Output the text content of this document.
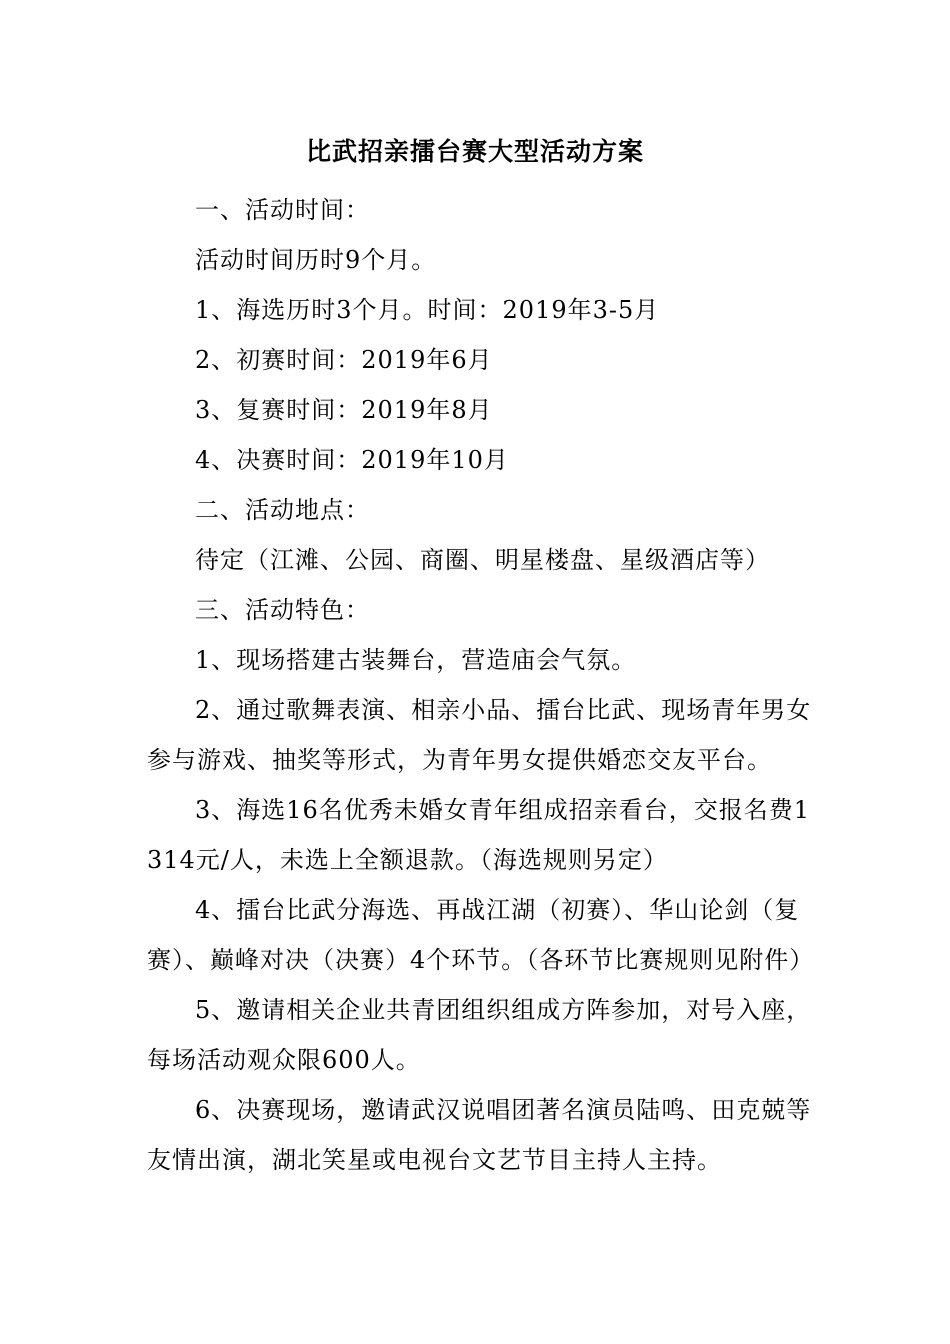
比武招亲擂台赛大型活动方案

一、活动时间：

活动时间历时9个月。

1、海选历时3个月。时间：2019年3-5月

2、初赛时间：2019年6月

3、复赛时间：2019年8月

4、决赛时间：2019年10月

二、活动地点：

待定（江滩、公园、商圈、明星楼盘、星级酒店等）

三、活动特色：

1、现场搭建古装舞台，营造庙会气氛。

2、通过歌舞表演、相亲小品、擂台比武、现场青年男女参与游戏、抽奖等形式，为青年男女提供婚恋交友平台。

3、海选16名优秀未婚女青年组成招亲看台，交报名费1314元/人，未选上全额退款。（海选规则另定）

4、擂台比武分海选、再战江湖（初赛）、华山论剑（复赛）、巅峰对决（决赛）4个环节。（各环节比赛规则见附件）

5、邀请相关企业共青团组织组成方阵参加，对号入座，每场活动观众限600人。

6、决赛现场，邀请武汉说唱团著名演员陆鸣、田克兢等友情出演，湖北笑星或电视台文艺节目主持人主持。
